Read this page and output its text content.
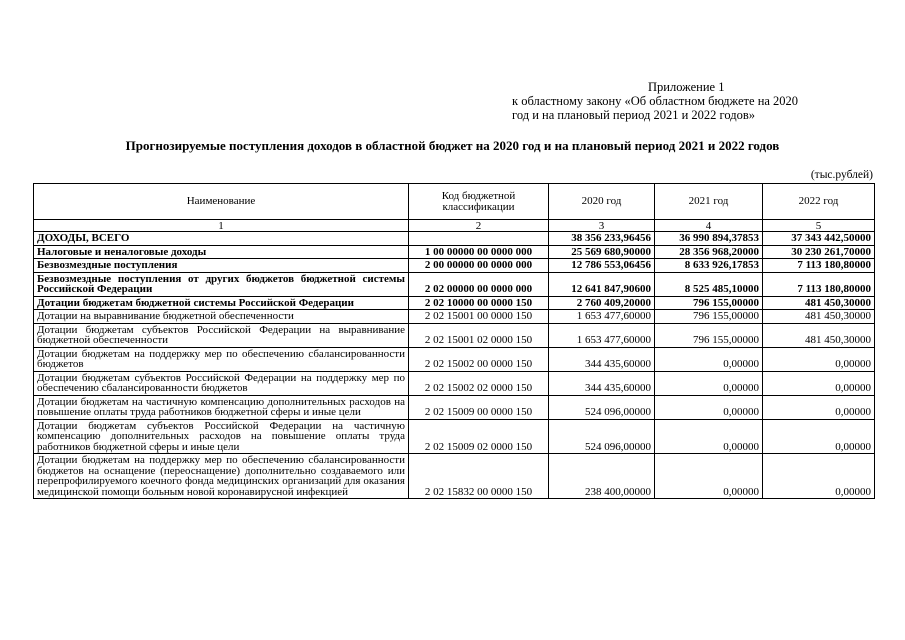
Приложение 1
к областному закону «Об областном бюджете на 2020
год и на плановый период 2021 и 2022 годов»
Прогнозируемые поступления доходов в областной бюджет на 2020 год и на плановый период 2021 и 2022 годов
(тыс.рублей)
Наименование	Код бюджетной классификации	2020 год	2021 год	2022 год
1	2	3	4	5
ДОХОДЫ, ВСЕГО		38 356 233,96456	36 990 894,37853	37 343 442,50000
Налоговые и неналоговые доходы	1 00 00000 00 0000 000	25 569 680,90000	28 356 968,20000	30 230 261,70000
Безвозмездные поступления	2 00 00000 00 0000 000	12 786 553,06456	8 633 926,17853	7 113 180,80000
Безвозмездные поступления от других бюджетов бюджетной системы Российской Федерации	2 02 00000 00 0000 000	12 641 847,90600	8 525 485,10000	7 113 180,80000
Дотации бюджетам бюджетной системы Российской Федерации	2 02 10000 00 0000 150	2 760 409,20000	796 155,00000	481 450,30000
Дотации на выравнивание бюджетной обеспеченности	2 02 15001 00 0000 150	1 653 477,60000	796 155,00000	481 450,30000
Дотации бюджетам субъектов Российской Федерации на выравнивание бюджетной обеспеченности	2 02 15001 02 0000 150	1 653 477,60000	796 155,00000	481 450,30000
Дотации бюджетам на поддержку мер по обеспечению сбалансированности бюджетов	2 02 15002 00 0000 150	344 435,60000	0,00000	0,00000
Дотации бюджетам субъектов Российской Федерации на поддержку мер по обеспечению сбалансированности бюджетов	2 02 15002 02 0000 150	344 435,60000	0,00000	0,00000
Дотации бюджетам на частичную компенсацию дополнительных расходов на повышение оплаты труда работников бюджетной сферы и иные цели	2 02 15009 00 0000 150	524 096,00000	0,00000	0,00000
Дотации бюджетам субъектов Российской Федерации на частичную компенсацию дополнительных расходов на повышение оплаты труда работников бюджетной сферы и иные цели	2 02 15009 02 0000 150	524 096,00000	0,00000	0,00000
Дотации бюджетам на поддержку мер по обеспечению сбалансированности бюджетов на оснащение (переоснащение) дополнительно создаваемого или перепрофилируемого коечного фонда медицинских организаций для оказания медицинской помощи больным новой коронавирусной инфекцией	2 02 15832 00 0000 150	238 400,00000	0,00000	0,00000
